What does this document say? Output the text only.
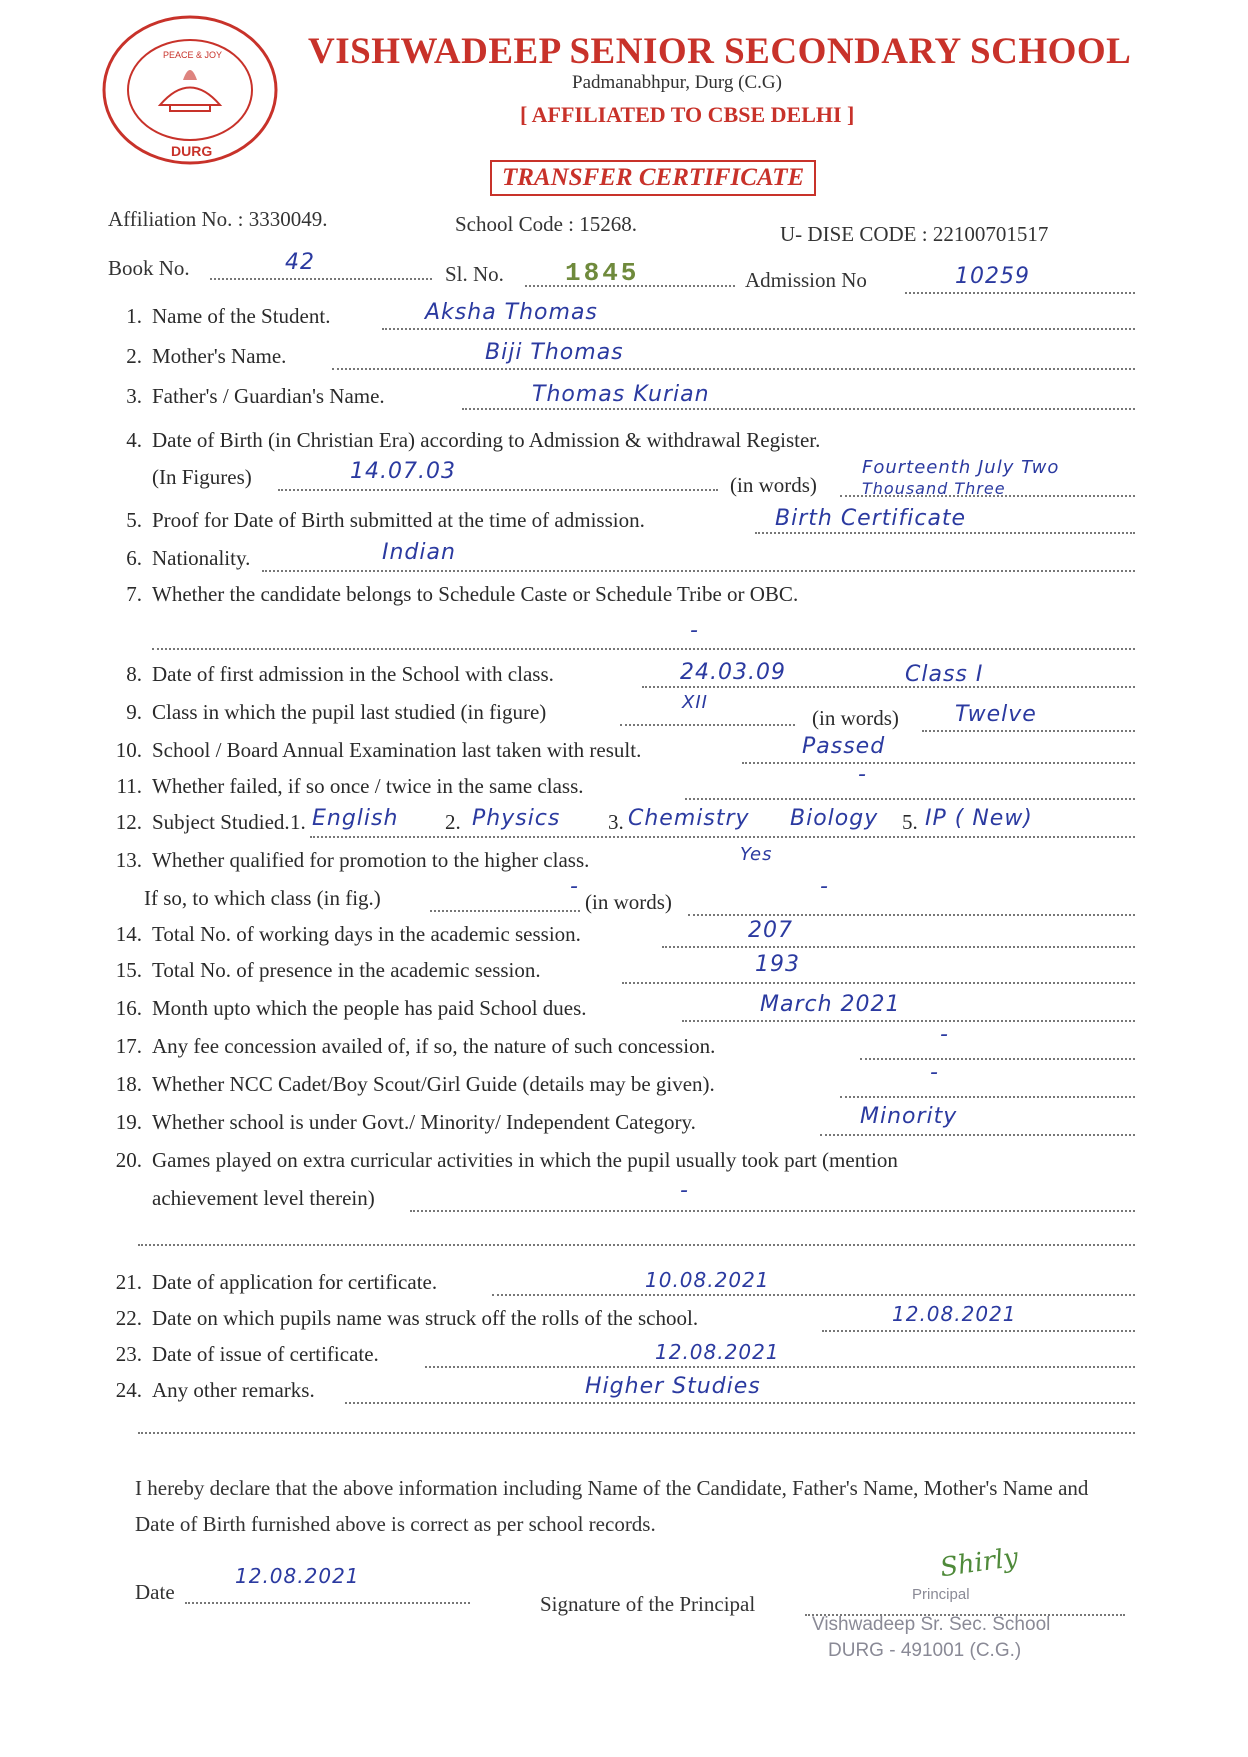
PEACE & JOY
DURG
VISHWADEEP SENIOR SECONDARY SCHOOL
Padmanabhpur, Durg (C.G)
[ AFFILIATED TO CBSE DELHI ]
TRANSFER CERTIFICATE
Affiliation No. : 3330049.	School Code : 15268.	U- DISE CODE : 22100701517
Book No.	42	Sl. No. 1845	Admission No	10259
1. Name of the Student.	Aksha Thomas
2. Mother's Name.	Biji Thomas
3. Father's / Guardian's Name.	Thomas Kurian
4. Date of Birth (in Christian Era) according to Admission & withdrawal Register.
(In Figures)	14.07.03
(in words)
Fourteenth July Two
Thousand Three
5. Proof for Date of Birth submitted at the time of admission.	Birth Certificate
6. Nationality.	Indian
7. Whether the candidate belongs to Schedule Caste or Schedule Tribe or OBC.
-
8. Date of first admission in the School with class.	24.03.09	Class I
9. Class in which the pupil last studied (in figure)	XII
(in words)	Twelve
10. School / Board Annual Examination last taken with result.	Passed
11. Whether failed, if so once / twice in the same class.	-
12. Subject Studied. 1. English 2. Physics 3. Chemistry Biology 5. IP ( New)
13. Whether qualified for promotion to the higher class.	Yes
If so, to which class (in fig.)	-
(in words)
-
14. Total No. of working days in the academic session.	207
15. Total No. of presence in the academic session.	193
16. Month upto which the people has paid School dues.	March 2021
17. Any fee concession availed of, if so, the nature of such concession.	-
18. Whether NCC Cadet/Boy Scout/Girl Guide (details may be given).	-
19. Whether school is under Govt./ Minority/ Independent Category.	Minority
20. Games played on extra curricular activities in which the pupil usually took part (mention
achievement level therein)	-
21. Date of application for certificate.	10.08.2021
22. Date on which pupils name was struck off the rolls of the school.	12.08.2021
23. Date of issue of certificate.	12.08.2021
24. Any other remarks.	Higher Studies
I hereby declare that the above information including Name of the Candidate, Father's Name, Mother's Name and Date of Birth furnished above is correct as per school records.
Date
12.08.2021
Signature of the Principal
Shirly
Principal
Vishwadeep Sr. Sec. School
DURG - 491001 (C.G.)
